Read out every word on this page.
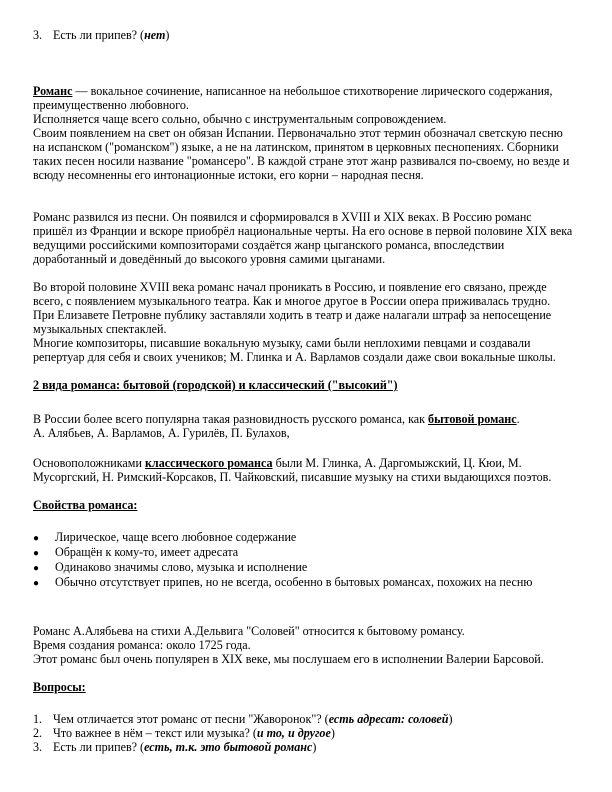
3. Есть ли припев? (нет)
Романс — вокальное сочинение, написанное на небольшое стихотворение лирического содержания,
преимущественно любовного.
Исполняется чаще всего сольно, обычно с инструментальным сопровождением.
Своим появлением на свет он обязан Испании. Первоначально этот термин обозначал светскую песню
на испанском ("романском") языке, а не на латинском, принятом в церковных песнопениях. Сборники
таких песен носили название "романсеро". В каждой стране этот жанр развивался по-своему, но везде и
всюду несомненны его интонационные истоки, его корни – народная песня.
Романс развился из песни. Он появился и сформировался в XVIII и XIX веках. В Россию романс
пришёл из Франции и вскоре приобрёл национальные черты. На его основе в первой половине XIX века
ведущими российскими композиторами создаётся жанр цыганского романса, впоследствии
доработанный и доведённый до высокого уровня самими цыганами.
Во второй половине XVIII века романс начал проникать в Россию, и появление его связано, прежде
всего, с появлением музыкального театра. Как и многое другое в России опера приживалась трудно.
При Елизавете Петровне публику заставляли ходить в театр и даже налагали штраф за непосещение
музыкальных спектаклей.
Многие композиторы, писавшие вокальную музыку, сами были неплохими певцами и создавали
репертуар для себя и своих учеников; М. Глинка и А. Варламов создали даже свои вокальные школы.
2 вида романса: бытовой (городской) и классический ("высокий")
В России более всего популярна такая разновидность русского романса, как бытовой романс.
А. Алябьев, А. Варламов, А. Гурилёв, П. Булахов,
Основоположниками классического романса были М. Глинка, А. Даргомыжский, Ц. Кюи, М.
Мусоргский, Н. Римский-Корсаков, П. Чайковский, писавшие музыку на стихи выдающихся поэтов.
Свойства романса:
● Лирическое, чаще всего любовное содержание
● Обращён к кому-то, имеет адресата
● Одинаково значимы слово, музыка и исполнение
● Обычно отсутствует припев, но не всегда, особенно в бытовых романсах, похожих на песню
Романс А.Алябьева на стихи А.Дельвига "Соловей" относится к бытовому романсу.
Время создания романса: около 1725 года.
Этот романс был очень популярен в XIX веке, мы послушаем его в исполнении Валерии Барсовой.
Вопросы:
1. Чем отличается этот романс от песни "Жаворонок"? (есть адресат: соловей)
2. Что важнее в нём – текст или музыка? (и то, и другое)
3. Есть ли припев? (есть, т.к. это бытовой романс)
